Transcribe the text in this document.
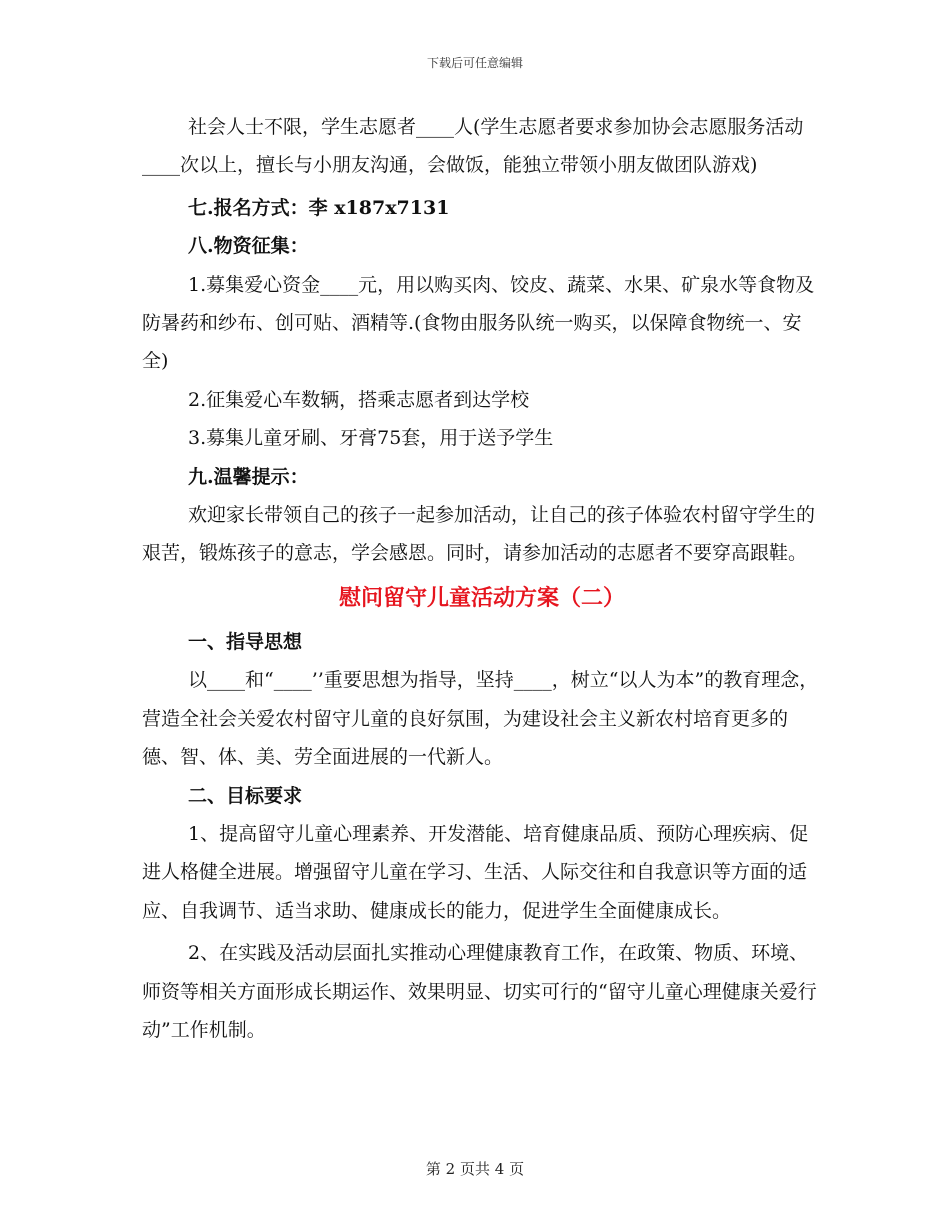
下载后可任意编辑

社会人士不限，学生志愿者____人(学生志愿者要求参加协会志愿服务活动____次以上，擅长与小朋友沟通，会做饭，能独立带领小朋友做团队游戏)

七.报名方式：李 x187x7131

八.物资征集：

1.募集爱心资金____元，用以购买肉、饺皮、蔬菜、水果、矿泉水等食物及防暑药和纱布、创可贴、酒精等.(食物由服务队统一购买，以保障食物统一、安全)

2.征集爱心车数辆，搭乘志愿者到达学校

3.募集儿童牙刷、牙膏75套，用于送予学生

九.温馨提示：

欢迎家长带领自己的孩子一起参加活动，让自己的孩子体验农村留守学生的艰苦，锻炼孩子的意志，学会感恩。同时，请参加活动的志愿者不要穿高跟鞋。

慰问留守儿童活动方案（二）

一、指导思想

以____和“____’’重要思想为指导，坚持____，树立“以人为本”的教育理念，营造全社会关爱农村留守儿童的良好氛围，为建设社会主义新农村培育更多的德、智、体、美、劳全面进展的一代新人。

二、目标要求

1、提高留守儿童心理素养、开发潜能、培育健康品质、预防心理疾病、促进人格健全进展。增强留守儿童在学习、生活、人际交往和自我意识等方面的适应、自我调节、适当求助、健康成长的能力，促进学生全面健康成长。

2、在实践及活动层面扎实推动心理健康教育工作，在政策、物质、环境、师资等相关方面形成长期运作、效果明显、切实可行的“留守儿童心理健康关爱行动”工作机制。

第 2 页共 4 页
